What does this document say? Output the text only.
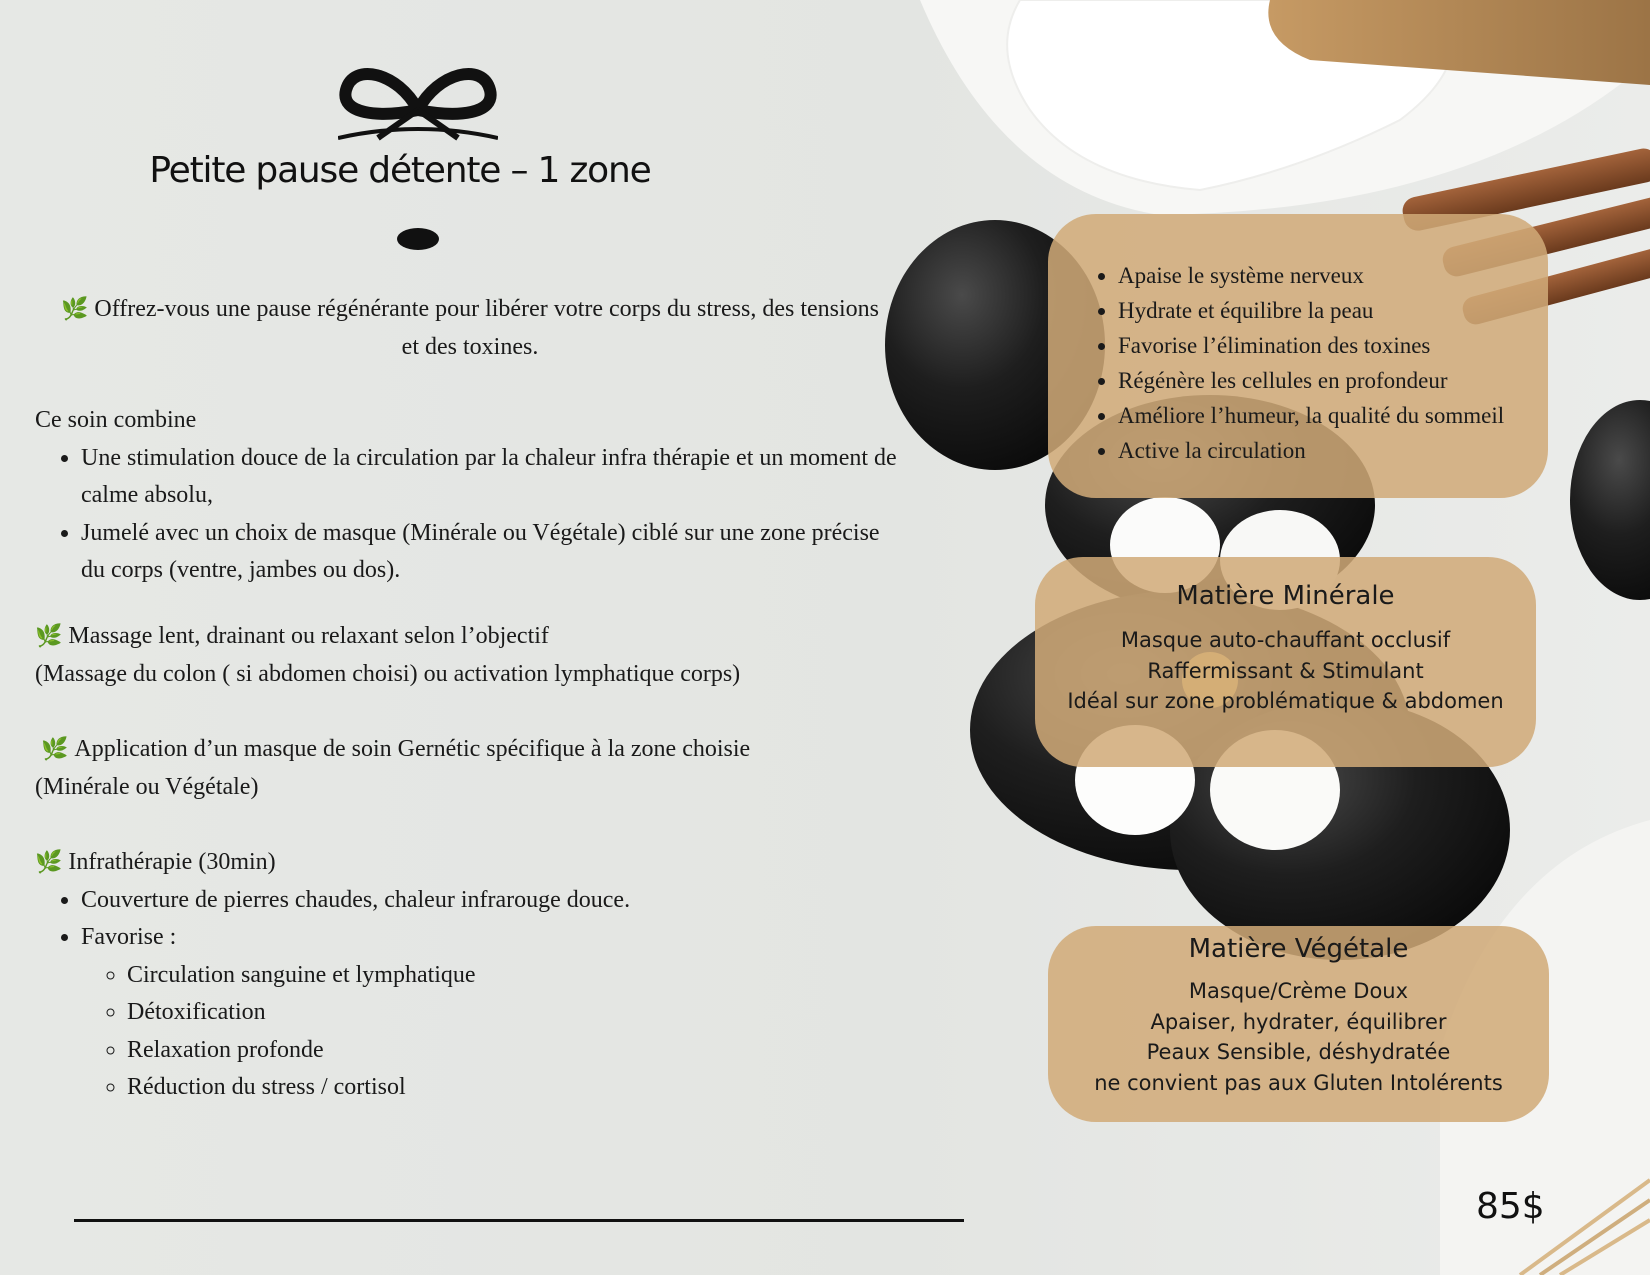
Petite pause détente – 1 zone
🌿 Offrez-vous une pause régénérante pour libérer votre corps du stress, des tensions et des toxines.
Ce soin combine
• Une stimulation douce de la circulation par la chaleur infra thérapie et un moment de calme absolu,
• Jumelé avec un choix de masque (Minérale ou Végétale) ciblé sur une zone précise du corps (ventre, jambes ou dos).
🌿 Massage lent, drainant ou relaxant selon l’objectif
(Massage du colon ( si abdomen choisi) ou activation lymphatique corps)
🌿 Application d’un masque de soin Gernétic spécifique à la zone choisie
(Minérale ou Végétale)
🌿 Infrathérapie (30min)
• Couverture de pierres chaudes, chaleur infrarouge douce.
• Favorise :
◦ Circulation sanguine et lymphatique
◦ Détoxification
◦ Relaxation profonde
◦ Réduction du stress / cortisol
85$
• Apaise le système nerveux
• Hydrate et équilibre la peau
• Favorise l’élimination des toxines
• Régénère les cellules en profondeur
• Améliore l’humeur, la qualité du sommeil
• Active la circulation
Matière Minérale
Masque auto-chauffant occlusif
Raffermissant & Stimulant
Idéal sur zone problématique & abdomen
Matière Végétale
Masque/Crème Doux
Apaiser, hydrater, équilibrer
Peaux Sensible, déshydratée
ne convient pas aux Gluten Intolérents
